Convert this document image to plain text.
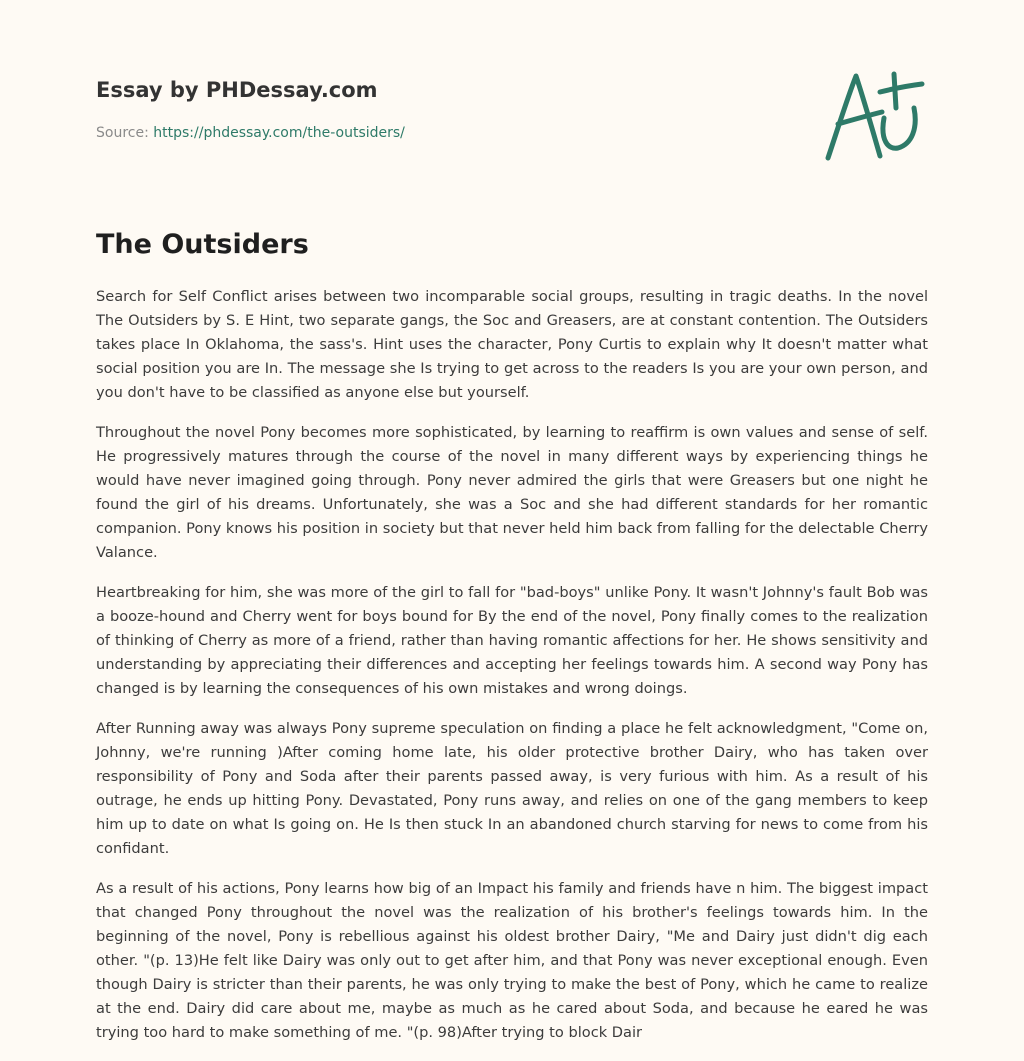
Essay by PHDessay.com

Source: https://phdessay.com/the-outsiders/

The Outsiders

Search for Self Conflict arises between two incomparable social groups, resulting in tragic deaths. In the novel The Outsiders by S. E Hint, two separate gangs, the Soc and Greasers, are at constant contention. The Outsiders takes place In Oklahoma, the sass's. Hint uses the character, Pony Curtis to explain why It doesn't matter what social position you are In. The message she Is trying to get across to the readers Is you are your own person, and you don't have to be classified as anyone else but yourself.

Throughout the novel Pony becomes more sophisticated, by learning to reaffirm is own values and sense of self. He progressively matures through the course of the novel in many different ways by experiencing things he would have never imagined going through. Pony never admired the girls that were Greasers but one night he found the girl of his dreams. Unfortunately, she was a Soc and she had different standards for her romantic companion. Pony knows his position in society but that never held him back from falling for the delectable Cherry Valance.

Heartbreaking for him, she was more of the girl to fall for "bad-boys" unlike Pony. It wasn't Johnny's fault Bob was a booze-hound and Cherry went for boys bound for By the end of the novel, Pony finally comes to the realization of thinking of Cherry as more of a friend, rather than having romantic affections for her. He shows sensitivity and understanding by appreciating their differences and accepting her feelings towards him. A second way Pony has changed is by learning the consequences of his own mistakes and wrong doings.

After Running away was always Pony supreme speculation on finding a place he felt acknowledgment, "Come on, Johnny, we're running )After coming home late, his older protective brother Dairy, who has taken over responsibility of Pony and Soda after their parents passed away, is very furious with him. As a result of his outrage, he ends up hitting Pony. Devastated, Pony runs away, and relies on one of the gang members to keep him up to date on what Is going on. He Is then stuck In an abandoned church starving for news to come from his confidant.

As a result of his actions, Pony learns how big of an Impact his family and friends have n him. The biggest impact that changed Pony throughout the novel was the realization of his brother's feelings towards him. In the beginning of the novel, Pony is rebellious against his oldest brother Dairy, "Me and Dairy just didn't dig each other. "(p. 13)He felt like Dairy was only out to get after him, and that Pony was never exceptional enough. Even though Dairy is stricter than their parents, he was only trying to make the best of Pony, which he came to realize at the end. Dairy did care about me, maybe as much as he cared about Soda, and because he eared he was trying too hard to make something of me. "(p. 98)After trying to block Dair
